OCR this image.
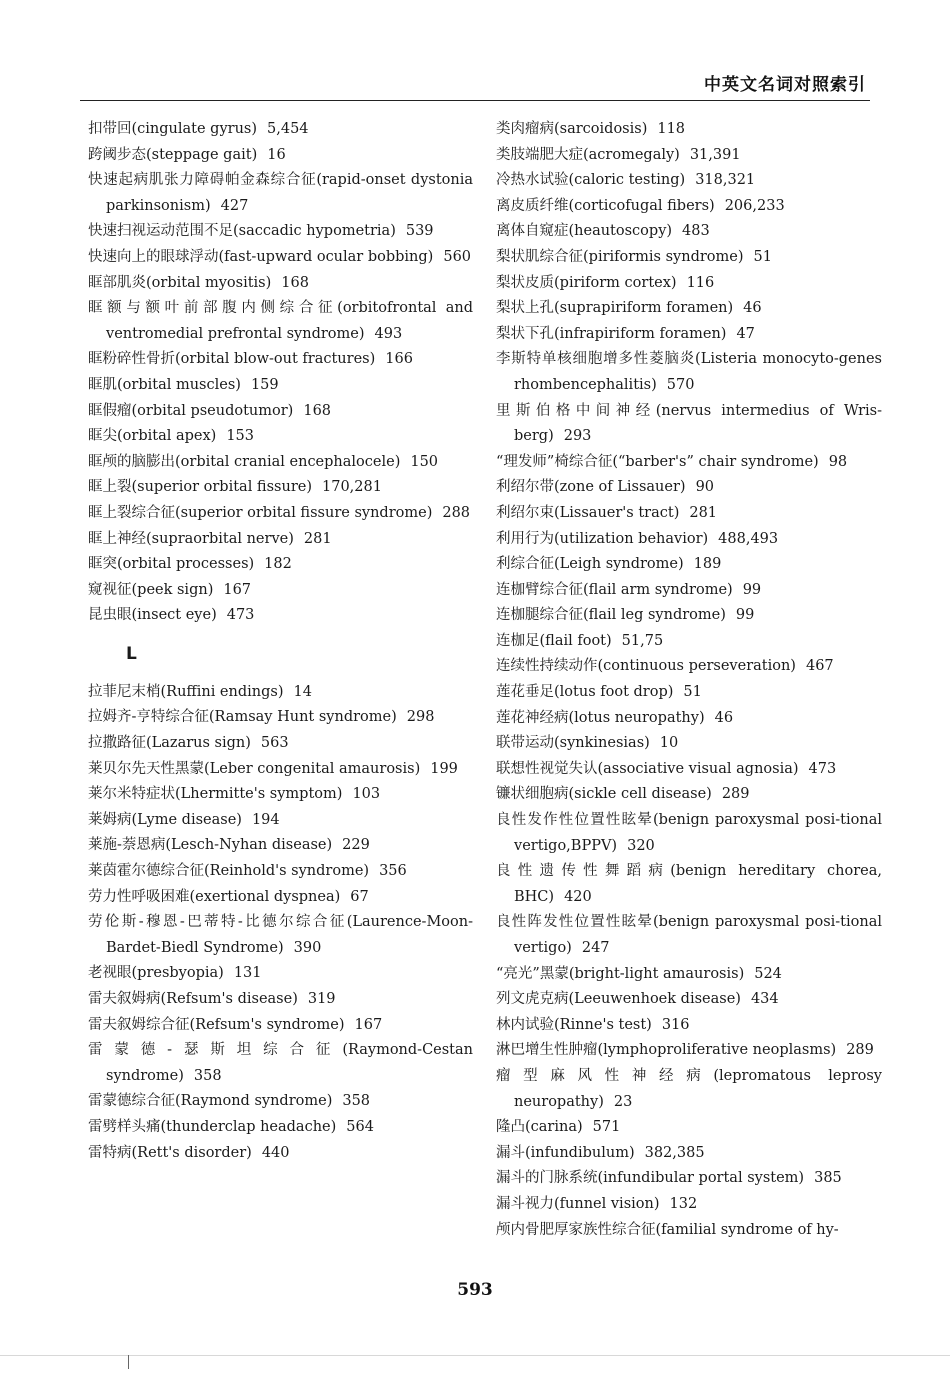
中英文名词对照索引
扣带回(cingulate gyrus) 5,454
跨阈步态(steppage gait) 16
快速起病肌张力障碍帕金森综合征(rapid-onset dystonia parkinsonism) 427
快速扫视运动范围不足(saccadic hypometria) 539
快速向上的眼球浮动(fast-upward ocular bobbing) 560
眶部肌炎(orbital myositis) 168
眶额与额叶前部腹内侧综合征(orbitofrontal and ventromedial prefrontal syndrome) 493
眶粉碎性骨折(orbital blow-out fractures) 166
眶肌(orbital muscles) 159
眶假瘤(orbital pseudotumor) 168
眶尖(orbital apex) 153
眶颅的脑膨出(orbital cranial encephalocele) 150
眶上裂(superior orbital fissure) 170,281
眶上裂综合征(superior orbital fissure syndrome) 288
眶上神经(supraorbital nerve) 281
眶突(orbital processes) 182
窥视征(peek sign) 167
昆虫眼(insect eye) 473
L
拉菲尼末梢(Ruffini endings) 14
拉姆齐-亨特综合征(Ramsay Hunt syndrome) 298
拉撒路征(Lazarus sign) 563
莱贝尔先天性黑蒙(Leber congenital amaurosis) 199
莱尔米特症状(Lhermitte's symptom) 103
莱姆病(Lyme disease) 194
莱施-萘恩病(Lesch-Nyhan disease) 229
莱茵霍尔德综合征(Reinhold's syndrome) 356
劳力性呼吸困难(exertional dyspnea) 67
劳伦斯-穆恩-巴蒂特-比德尔综合征(Laurence-Moon-Bardet-Biedl Syndrome) 390
老视眼(presbyopia) 131
雷夫叙姆病(Refsum's disease) 319
雷夫叙姆综合征(Refsum's syndrome) 167
雷蒙德-瑟斯坦综合征(Raymond-Cestan syndrome) 358
雷蒙德综合征(Raymond syndrome) 358
雷劈样头痛(thunderclap headache) 564
雷特病(Rett's disorder) 440
类肉瘤病(sarcoidosis) 118
类肢端肥大症(acromegaly) 31,391
冷热水试验(caloric testing) 318,321
离皮质纤维(corticofugal fibers) 206,233
离体自窥症(heautoscopy) 483
梨状肌综合征(piriformis syndrome) 51
梨状皮质(piriform cortex) 116
梨状上孔(suprapiriform foramen) 46
梨状下孔(infrapiriform foramen) 47
李斯特单核细胞增多性菱脑炎(Listeria monocyto-genes rhombencephalitis) 570
里斯伯格中间神经(nervus intermedius of Wris-berg) 293
“理发师”椅综合征(“barber's” chair syndrome) 98
利绍尔带(zone of Lissauer) 90
利绍尔束(Lissauer's tract) 281
利用行为(utilization behavior) 488,493
利综合征(Leigh syndrome) 189
连枷臂综合征(flail arm syndrome) 99
连枷腿综合征(flail leg syndrome) 99
连枷足(flail foot) 51,75
连续性持续动作(continuous perseveration) 467
莲花垂足(lotus foot drop) 51
莲花神经病(lotus neuropathy) 46
联带运动(synkinesias) 10
联想性视觉失认(associative visual agnosia) 473
镰状细胞病(sickle cell disease) 289
良性发作性位置性眩晕(benign paroxysmal posi-tional vertigo,BPPV) 320
良性遗传性舞蹈病(benign hereditary chorea, BHC) 420
良性阵发性位置性眩晕(benign paroxysmal posi-tional vertigo) 247
“亮光”黑蒙(bright-light amaurosis) 524
列文虎克病(Leeuwenhoek disease) 434
林内试验(Rinne's test) 316
淋巴增生性肿瘤(lymphoproliferative neoplasms) 289
瘤型麻风性神经病(lepromatous leprosy neuropathy) 23
隆凸(carina) 571
漏斗(infundibulum) 382,385
漏斗的门脉系统(infundibular portal system) 385
漏斗视力(funnel vision) 132
颅内骨肥厚家族性综合征(familial syndrome of hy-
593
